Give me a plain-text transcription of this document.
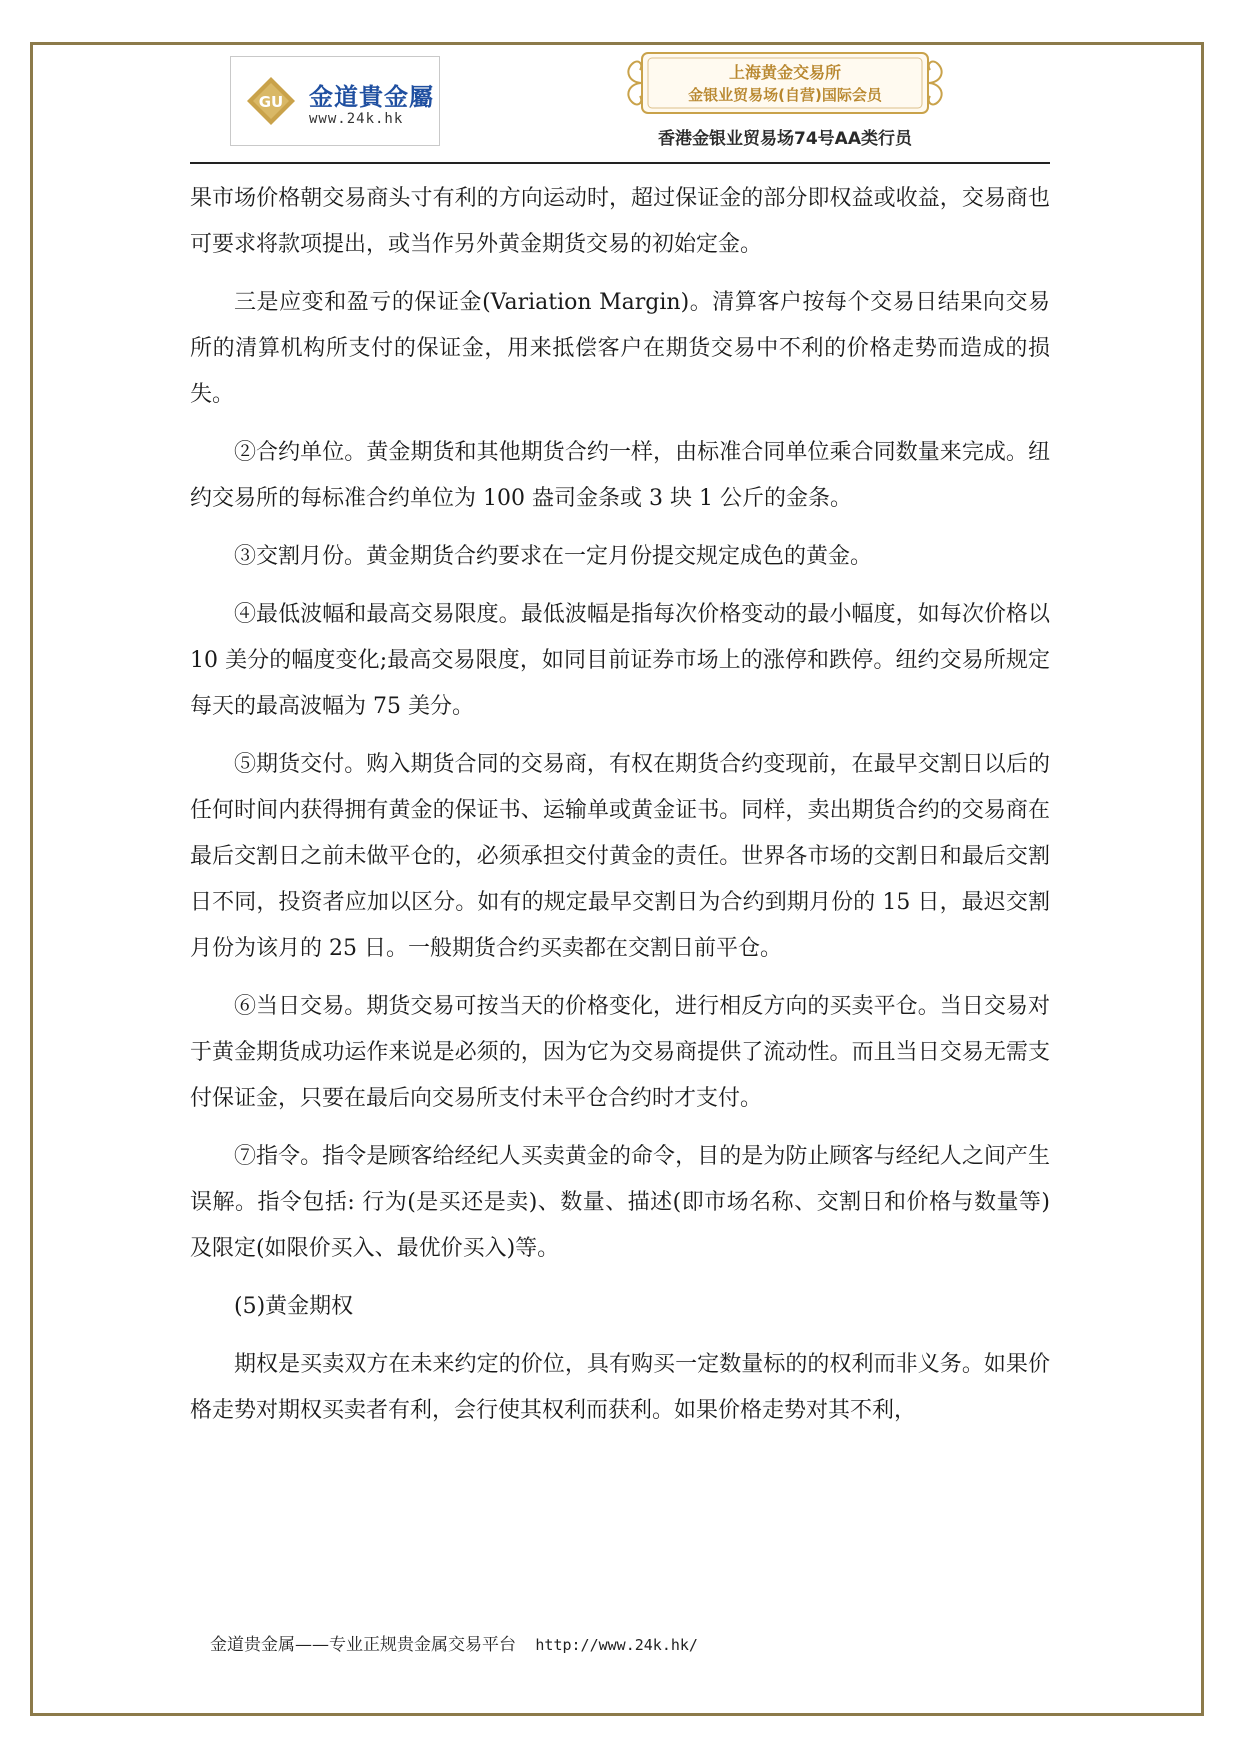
GU 金道貴金屬
www.24k.hk
上海黄金交易所
金银业贸易场(自营)国际会员
香港金银业贸易场74号AA类行员

果市场价格朝交易商头寸有利的方向运动时，超过保证金的部分即权益或收益，交易商也可要求将款项提出，或当作另外黄金期货交易的初始定金。

三是应变和盈亏的保证金(Variation Margin)。清算客户按每个交易日结果向交易所的清算机构所支付的保证金，用来抵偿客户在期货交易中不利的价格走势而造成的损失。

②合约单位。黄金期货和其他期货合约一样，由标准合同单位乘合同数量来完成。纽约交易所的每标准合约单位为 100 盎司金条或 3 块 1 公斤的金条。

③交割月份。黄金期货合约要求在一定月份提交规定成色的黄金。

④最低波幅和最高交易限度。最低波幅是指每次价格变动的最小幅度，如每次价格以 10 美分的幅度变化;最高交易限度，如同目前证券市场上的涨停和跌停。纽约交易所规定每天的最高波幅为 75 美分。

⑤期货交付。购入期货合同的交易商，有权在期货合约变现前，在最早交割日以后的任何时间内获得拥有黄金的保证书、运输单或黄金证书。同样，卖出期货合约的交易商在最后交割日之前未做平仓的，必须承担交付黄金的责任。世界各市场的交割日和最后交割日不同，投资者应加以区分。如有的规定最早交割日为合约到期月份的 15 日，最迟交割月份为该月的 25 日。一般期货合约买卖都在交割日前平仓。

⑥当日交易。期货交易可按当天的价格变化，进行相反方向的买卖平仓。当日交易对于黄金期货成功运作来说是必须的，因为它为交易商提供了流动性。而且当日交易无需支付保证金，只要在最后向交易所支付未平仓合约时才支付。

⑦指令。指令是顾客给经纪人买卖黄金的命令，目的是为防止顾客与经纪人之间产生误解。指令包括: 行为(是买还是卖)、数量、描述(即市场名称、交割日和价格与数量等)及限定(如限价买入、最优价买入)等。

(5)黄金期权

期权是买卖双方在未来约定的价位，具有购买一定数量标的的权利而非义务。如果价格走势对期权买卖者有利，会行使其权利而获利。如果价格走势对其不利，

金道贵金属——专业正规贵金属交易平台 http://www.24k.hk/
